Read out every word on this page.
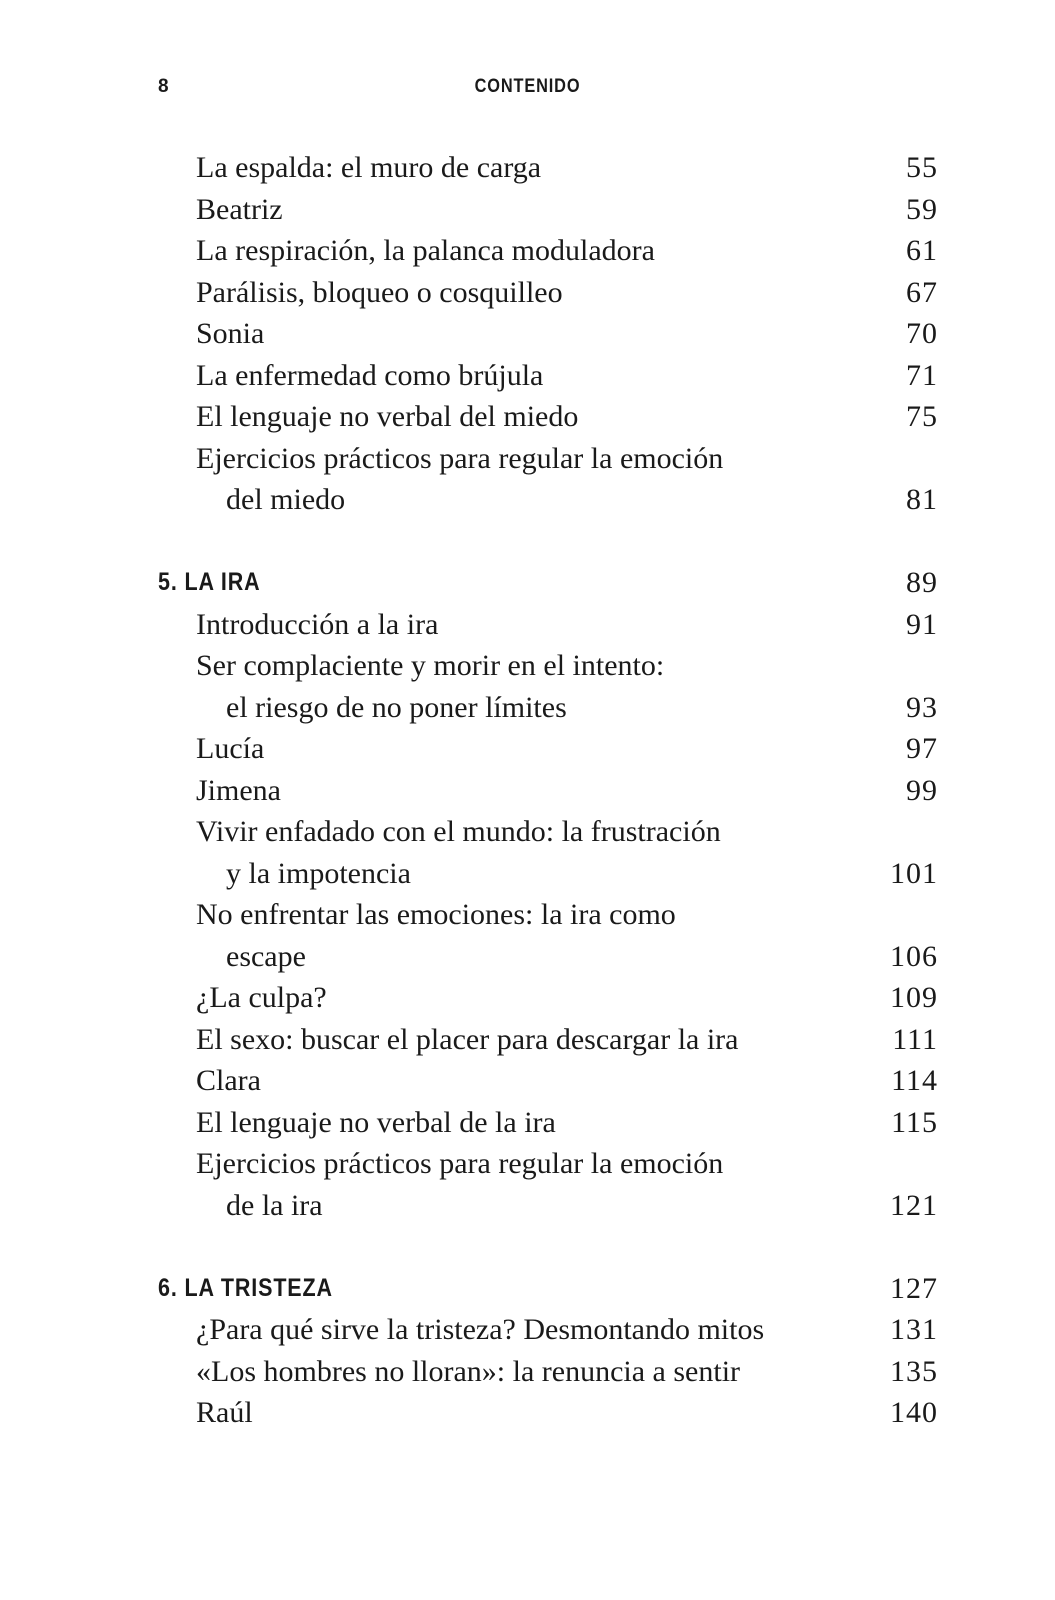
8	CONTENIDO
La espalda: el muro de carga	55
Beatriz	59
La respiración, la palanca moduladora	61
Parálisis, bloqueo o cosquilleo	67
Sonia	70
La enfermedad como brújula	71
El lenguaje no verbal del miedo	75
Ejercicios prácticos para regular la emoción
del miedo	81
5. LA IRA	89
Introducción a la ira	91
Ser complaciente y morir en el intento:
el riesgo de no poner límites	93
Lucía	97
Jimena	99
Vivir enfadado con el mundo: la frustración
y la impotencia	101
No enfrentar las emociones: la ira como
escape	106
¿La culpa?	109
El sexo: buscar el placer para descargar la ira	111
Clara	114
El lenguaje no verbal de la ira	115
Ejercicios prácticos para regular la emoción
de la ira	121
6. LA TRISTEZA	127
¿Para qué sirve la tristeza? Desmontando mitos	131
«Los hombres no lloran»: la renuncia a sentir	135
Raúl	140
